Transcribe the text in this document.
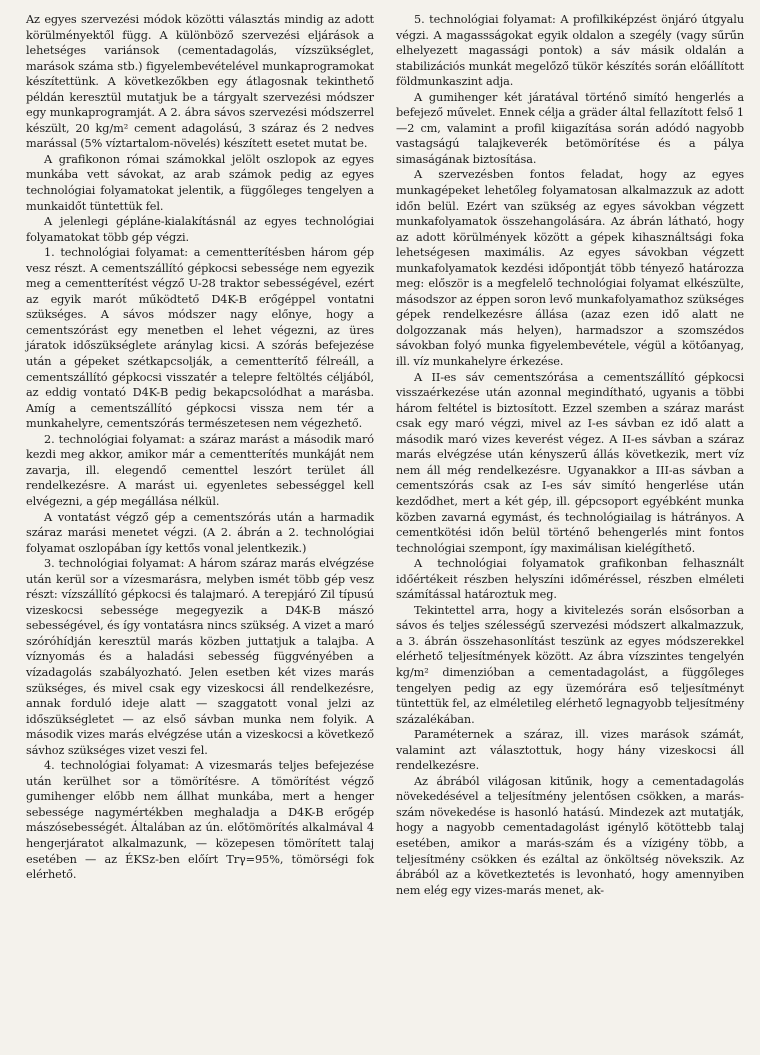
Az egyes szervezési módok közötti választás mindig az adott körülményektől függ. A különböző szervezési eljárások a lehetséges variánsok (cementadagolás, vízszükséglet, marások száma stb.) figyelembevételével munkaprogramokat készítettünk. A következőkben egy átlagosnak tekinthető példán keresztül mutatjuk be a tárgyalt szervezési módszer egy munkaprogramját. A 2. ábra sávos szervezési módszerrel készült, 20 kg/m² cement adagolású, 3 száraz és 2 nedves marással (5% víztartalom-növelés) készített esetet mutat be.

A grafikonon római számokkal jelölt oszlopok az egyes munkába vett sávokat, az arab számok pedig az egyes technológiai folyamatokat jelentik, a függőleges tengelyen a munkaidőt tüntettük fel.

A jelenlegi gépláne-kialakításnál az egyes technológiai folyamatokat több gép végzi.

1. technológiai folyamat: a cementterítésben három gép vesz részt. A cementszállító gépkocsi sebessége nem egyezik meg a cementterítést végző U-28 traktor sebességével, ezért az egyik marót működtető D4K-B erőgéppel vontatni szükséges. A sávos módszer nagy előnye, hogy a cementszórást egy menetben el lehet végezni, az üres járatok időszükséglete aránylag kicsi. A szórás befejezése után a gépeket szétkapcsolják, a cementterítő félreáll, a cementszállító gépkocsi visszatér a telepre feltöltés céljából, az eddig vontató D4K-B pedig bekapcsolódhat a marásba. Amíg a cementszállító gépkocsi vissza nem tér a munkahelyre, cementszórás természetesen nem végezhető.

2. technológiai folyamat: a száraz marást a második maró kezdi meg akkor, amikor már a cementterítés munkáját nem zavarja, ill. elegendő cementtel leszórt terület áll rendelkezésre. A marást ui. egyenletes sebességgel kell elvégezni, a gép megállása nélkül.

A vontatást végző gép a cementszórás után a harmadik száraz marási menetet végzi. (A 2. ábrán a 2. technológiai folyamat oszlopában így kettős vonal jelentkezik.)

3. technológiai folyamat: A három száraz marás elvégzése után kerül sor a vízesmarásra, melyben ismét több gép vesz részt: vízszállító gépkocsi és talajmaró. A terepjáró Zil típusú vizeskocsi sebessége megegyezik a D4K-B mászó sebességével, és így vontatásra nincs szükség. A vizet a maró szóróhídján keresztül marás közben juttatjuk a talajba. A víznyomás és a haladási sebesség függvényében a vízadagolás szabályozható. Jelen esetben két vizes marás szükséges, és mivel csak egy vizeskocsi áll rendelkezésre, annak forduló ideje alatt — szaggatott vonal jelzi az időszükségletet — az első sávban munka nem folyik. A második vizes marás elvégzése után a vizeskocsi a következő sávhoz szükséges vizet veszi fel.

4. technológiai folyamat: A vizesmarás teljes befejezése után kerülhet sor a tömörítésre. A tömörítést végző gumihenger előbb nem állhat munkába, mert a henger sebessége nagymértékben meghaladja a D4K-B erőgép mászósebességét. Általában az ún. előtömörítés alkalmával 4 hengerjáratot alkalmazunk, — közepesen tömörített talaj esetében — az ÉKSz-ben előírt Trγ=95%, tömörségi fok elérhető.

5. technológiai folyamat: A profilkiképzést önjáró útgyalu végzi. A magassságokat egyik oldalon a szegély (vagy sűrűn elhelyezett magassági pontok) a sáv másik oldalán a stabilizációs munkát megelőző tükör készítés során előállított földmunkaszint adja.

A gumihenger két járatával történő simító hengerlés a befejező művelet. Ennek célja a gräder által fellazított felső 1—2 cm, valamint a profil kiigazítása során adódó nagyobb vastagságú talajkeverék betömörítése és a pálya simaságának biztosítása.

A szervezésben fontos feladat, hogy az egyes munkagépeket lehetőleg folyamatosan alkalmazzuk az adott időn belül. Ezért van szükség az egyes sávokban végzett munkafolyamatok összehangolására. Az ábrán látható, hogy az adott körülmények között a gépek kihasználtsági foka lehetségesen maximális. Az egyes sávokban végzett munkafolyamatok kezdési időpontját több tényező határozza meg: először is a megfelelő technológiai folyamat elkészülte, másodszor az éppen soron levő munkafolyamathoz szükséges gépek rendelkezésre állása (azaz ezen idő alatt ne dolgozzanak más helyen), harmadszor a szomszédos sávokban folyó munka figyelembevétele, végül a kötőanyag, ill. víz munkahelyre érkezése.

A II-es sáv cementszórása a cementszállító gépkocsi visszaérkezése után azonnal megindítható, ugyanis a többi három feltétel is biztosított. Ezzel szemben a száraz marást csak egy maró végzi, mivel az I-es sávban ez idő alatt a második maró vizes keverést végez. A II-es sávban a száraz marás elvégzése után kényszerű állás következik, mert víz nem áll még rendelkezésre. Ugyanakkor a III-as sávban a cementszórás csak az I-es sáv simító hengerlése után kezdődhet, mert a két gép, ill. gépcsoport egyébként munka közben zavarná egymást, és technológiailag is hátrányos. A cementkötési időn belül történő behengerlés mint fontos technológiai szempont, így maximálisan kielégíthető.

A technológiai folyamatok grafikonban felhasznált időértékeit részben helyszíni időméréssel, részben elméleti számítással határoztuk meg.

Tekintettel arra, hogy a kivitelezés során elsősorban a sávos és teljes szélességű szervezési módszert alkalmazzuk, a 3. ábrán összehasonlítást teszünk az egyes módszerekkel elérhető teljesítmények között. Az ábra vízszintes tengelyén kg/m² dimenzióban a cementadagolást, a függőleges tengelyen pedig az egy üzemórára eső teljesítményt tüntettük fel, az elméletileg elérhető legnagyobb teljesítmény százalékában.

Paraméternek a száraz, ill. vizes marások számát, valamint azt választottuk, hogy hány vizeskocsi áll rendelkezésre.

Az ábrából világosan kitűnik, hogy a cementadagolás növekedésével a teljesítmény jelentősen csökken, a marás-szám növekedése is hasonló hatású. Mindezek azt mutatják, hogy a nagyobb cementadagolást igénylő kötöttebb talaj esetében, amikor a marás-szám és a vízigény több, a teljesítmény csökken és ezáltal az önköltség növekszik. Az ábrából az a következtetés is levonható, hogy amennyiben nem elég egy vizes-marás menet, ak-
